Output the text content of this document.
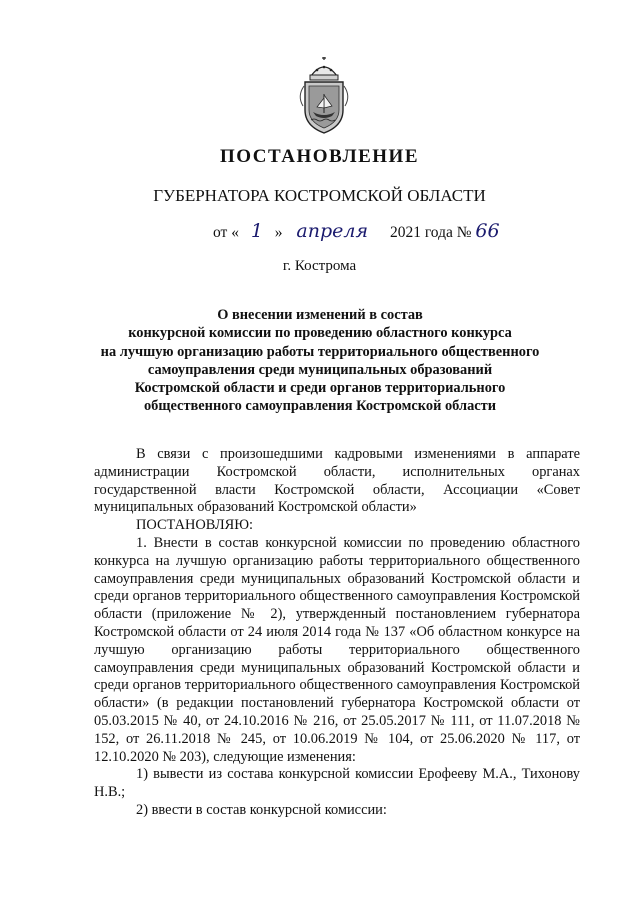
ПОСТАНОВЛЕНИЕ
ГУБЕРНАТОРА КОСТРОМСКОЙ ОБЛАСТИ
от « 1 » апреля 2021 года № 66
г. Кострома
О внесении изменений в состав
конкурсной комиссии по проведению областного конкурса
на лучшую организацию работы территориального общественного
самоуправления среди муниципальных образований
Костромской области и среди органов территориального
общественного самоуправления Костромской области

В связи с произошедшими кадровыми изменениями в аппарате администрации Костромской области, исполнительных органах государственной власти Костромской области, Ассоциации «Совет муниципальных образований Костромской области»

ПОСТАНОВЛЯЮ:

1. Внести в состав конкурсной комиссии по проведению областного конкурса на лучшую организацию работы территориального общественного самоуправления среди муниципальных образований Костромской области и среди органов территориального общественного самоуправления Костромской области (приложение № 2), утвержденный постановлением губернатора Костромской области от 24 июля 2014 года № 137 «Об областном конкурсе на лучшую организацию работы территориального общественного самоуправления среди муниципальных образований Костромской области и среди органов территориального общественного самоуправления Костромской области» (в редакции постановлений губернатора Костромской области от 05.03.2015 № 40, от 24.10.2016 № 216, от 25.05.2017 № 111, от 11.07.2018 № 152, от 26.11.2018 № 245, от 10.06.2019 № 104, от 25.06.2020 № 117, от 12.10.2020 № 203), следующие изменения:

1) вывести из состава конкурсной комиссии Ерофееву М.А., Тихонову Н.В.;

2) ввести в состав конкурсной комиссии:
